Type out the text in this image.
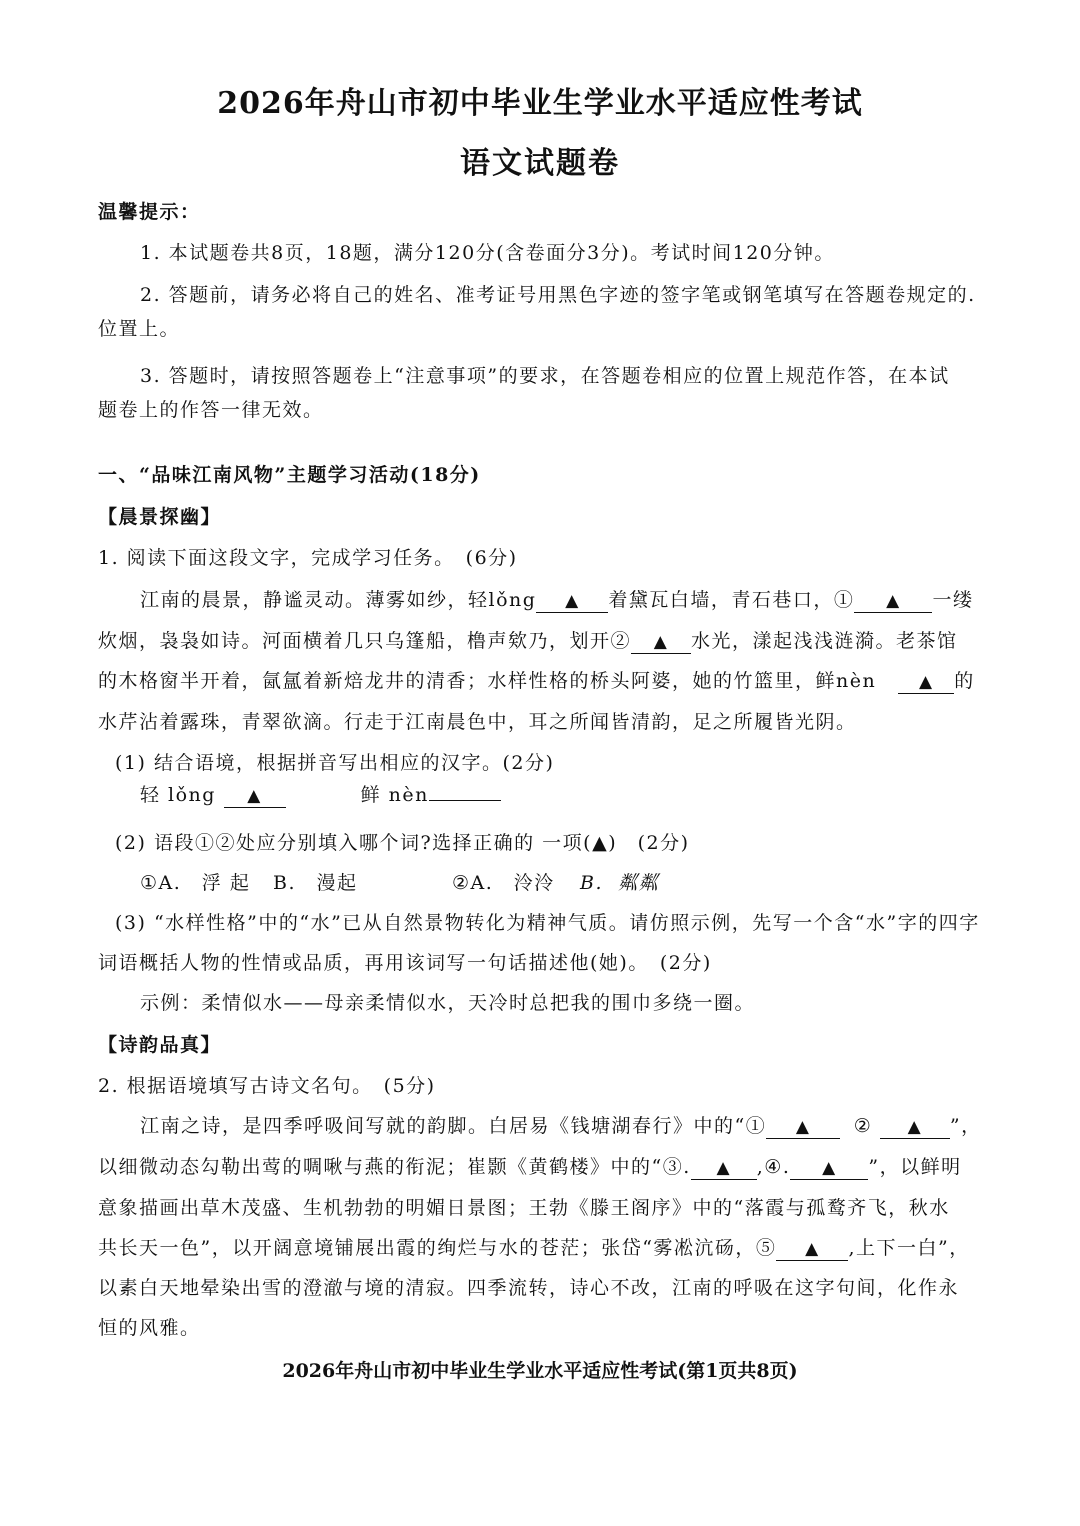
2026年舟山市初中毕业生学业水平适应性考试
语文试题卷
温馨提示：
1. 本试题卷共8页，18题，满分120分(含卷面分3分)。考试时间120分钟。
2. 答题前，请务必将自己的姓名、准考证号用黑色字迹的签字笔或钢笔填写在答题卷规定的.
位置上。
3. 答题时，请按照答题卷上“注意事项”的要求，在答题卷相应的位置上规范作答，在本试
题卷上的作答一律无效。
一、“品味江南风物”主题学习活动(18分)
【晨景探幽】
1. 阅读下面这段文字，完成学习任务。　(6分)
江南的晨景，静谧灵动。薄雾如纱，轻lǒng ▲ 着黛瓦白墙，青石巷口，① ▲ 一缕
炊烟，袅袅如诗。河面横着几只乌篷船，橹声欸乃，划开② ▲ 水光，漾起浅浅涟漪。老茶馆
的木格窗半开着，氤氲着新焙龙井的清香；水样性格的桥头阿婆，她的竹篮里，鲜nèn	▲ 的
水芹沾着露珠，青翠欲滴。行走于江南晨色中，耳之所闻皆清韵，足之所履皆光阴。
(1) 结合语境，根据拼音写出相应的汉字。(2分)
轻 lǒng ▲	鲜 nèn
(2) 语段①②处应分别填入哪个词?选择正确的 一项(▲)　(2分)
①A.　浮 起 B.　漫起	②A.　泠泠 B. 粼粼
(3) “水样性格”中的“水”已从自然景物转化为精神气质。请仿照示例，先写一个含“水”字的四字
词语概括人物的性情或品质，再用该词写一句话描述他(她)。　(2分)
示例：柔情似水——母亲柔情似水，天冷时总把我的围巾多绕一圈。
【诗韵品真】
2. 根据语境填写古诗文名句。　(5分)
江南之诗，是四季呼吸间写就的韵脚。白居易《钱塘湖春行》中的“① ▲ ② ▲ ”，
以细微动态勾勒出莺的啁啾与燕的衔泥；崔颢《黄鹤楼》中的“③. ▲ ,④. ▲ ”，以鲜明
意象描画出草木茂盛、生机勃勃的明媚日景图；王勃《滕王阁序》中的“落霞与孤鹜齐飞，秋水
共长天一色”，以开阔意境铺展出霞的绚烂与水的苍茫；张岱“雾凇沆砀，⑤ ▲ ,上下一白”，
以素白天地晕染出雪的澄澈与境的清寂。四季流转，诗心不改，江南的呼吸在这字句间，化作永
恒的风雅。
2026年舟山市初中毕业生学业水平适应性考试(第1页共8页)
